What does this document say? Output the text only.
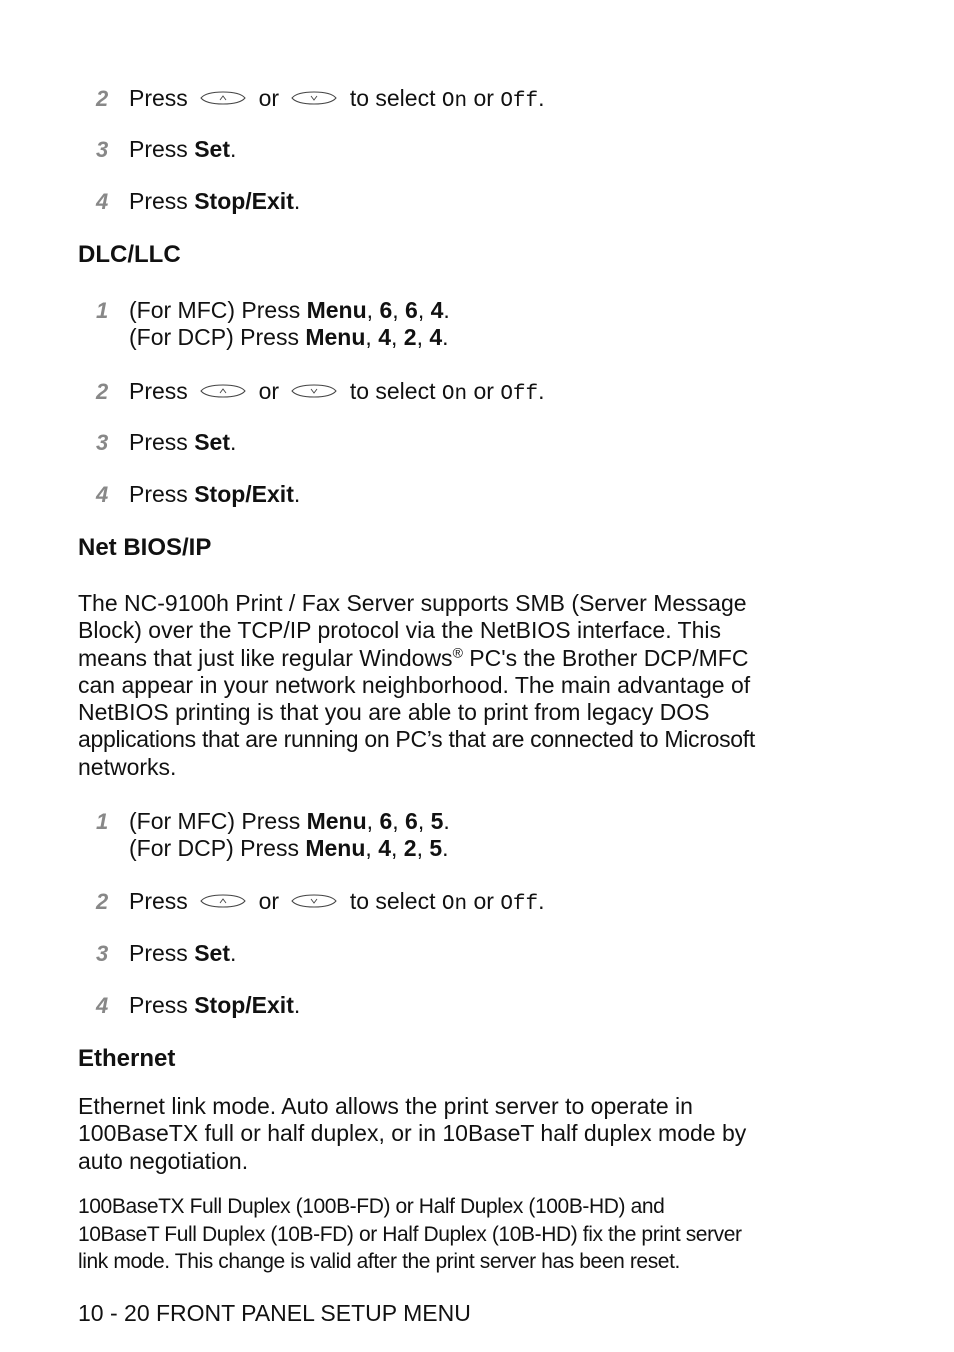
2 Press	or	to select On or Off.
3 Press Set.
4 Press Stop/Exit.
DLC/LLC
1 (For MFC) Press Menu, 6, 6, 4.
(For DCP) Press Menu, 4, 2, 4.
2 Press	or	to select On or Off.
3 Press Set.
4 Press Stop/Exit.
Net BIOS/IP
The NC-9100h Print / Fax Server supports SMB (Server Message
Block) over the TCP/IP protocol via the NetBIOS interface. This
means that just like regular Windows® PC's the Brother DCP/MFC
can appear in your network neighborhood. The main advantage of
NetBIOS printing is that you are able to print from legacy DOS
applications that are running on PC’s that are connected to Microsoft
networks.
1 (For MFC) Press Menu, 6, 6, 5.
(For DCP) Press Menu, 4, 2, 5.
2 Press	or	to select On or Off.
3 Press Set.
4 Press Stop/Exit.
Ethernet
Ethernet link mode. Auto allows the print server to operate in
100BaseTX full or half duplex, or in 10BaseT half duplex mode by
auto negotiation.
100BaseTX Full Duplex (100B-FD) or Half Duplex (100B-HD) and
10BaseT Full Duplex (10B-FD) or Half Duplex (10B-HD) fix the print server
link mode. This change is valid after the print server has been reset.
10 - 20 FRONT PANEL SETUP MENU
